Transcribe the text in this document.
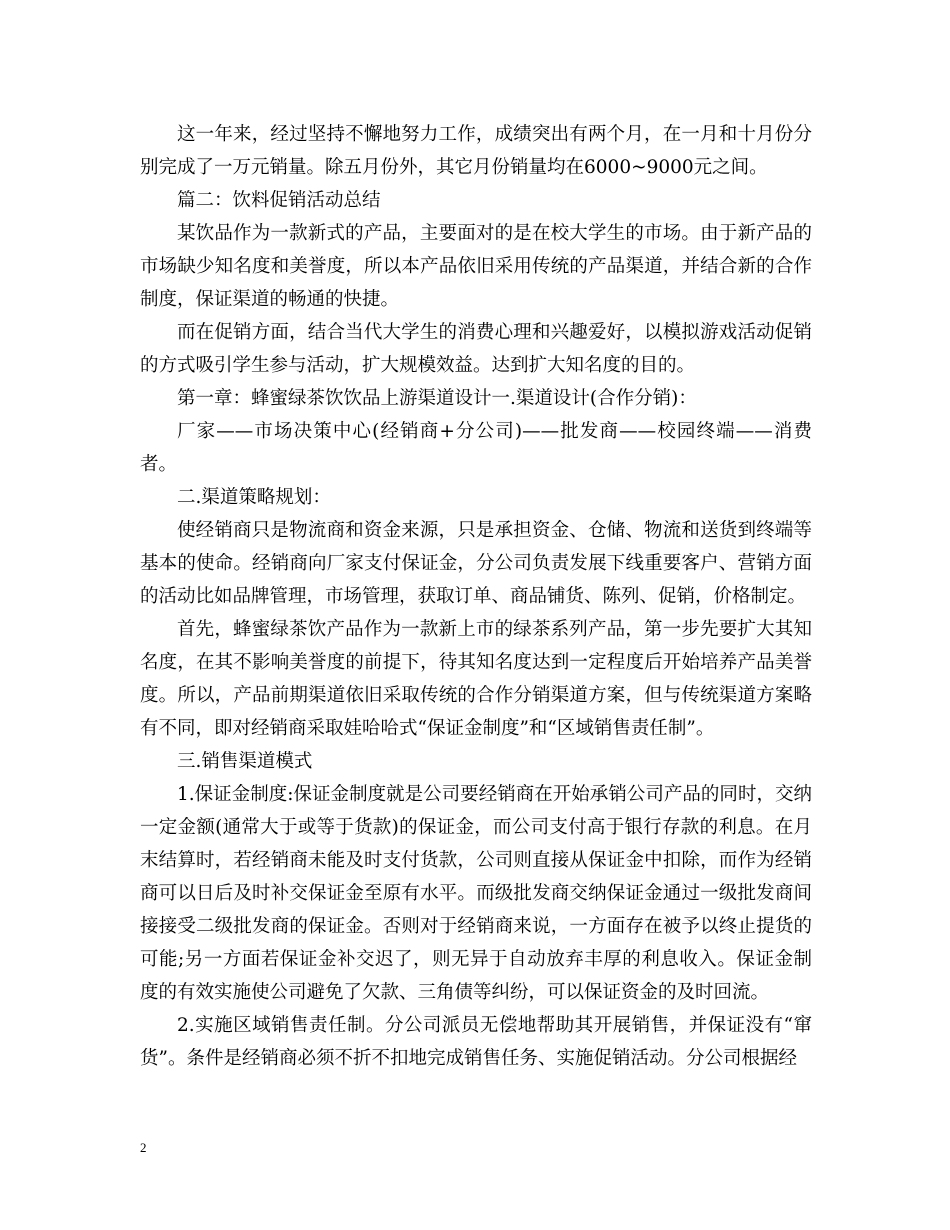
这一年来，经过坚持不懈地努力工作，成绩突出有两个月，在一月和十月份分别完成了一万元销量。除五月份外，其它月份销量均在6000~9000元之间。

篇二：饮料促销活动总结

某饮品作为一款新式的产品，主要面对的是在校大学生的市场。由于新产品的市场缺少知名度和美誉度，所以本产品依旧采用传统的产品渠道，并结合新的合作制度，保证渠道的畅通的快捷。

而在促销方面，结合当代大学生的消费心理和兴趣爱好，以模拟游戏活动促销的方式吸引学生参与活动，扩大规模效益。达到扩大知名度的目的。

第一章：蜂蜜绿茶饮饮品上游渠道设计一.渠道设计(合作分销)：

厂家——市场决策中心(经销商+分公司)——批发商——校园终端——消费者。

二.渠道策略规划：

使经销商只是物流商和资金来源，只是承担资金、仓储、物流和送货到终端等基本的使命。经销商向厂家支付保证金，分公司负责发展下线重要客户、营销方面的活动比如品牌管理，市场管理，获取订单、商品铺货、陈列、促销，价格制定。

首先，蜂蜜绿茶饮产品作为一款新上市的绿茶系列产品，第一步先要扩大其知名度，在其不影响美誉度的前提下，待其知名度达到一定程度后开始培养产品美誉度。所以，产品前期渠道依旧采取传统的合作分销渠道方案，但与传统渠道方案略有不同，即对经销商采取娃哈哈式“保证金制度”和“区域销售责任制”。

三.销售渠道模式

1.保证金制度:保证金制度就是公司要经销商在开始承销公司产品的同时，交纳一定金额(通常大于或等于货款)的保证金，而公司支付高于银行存款的利息。在月末结算时，若经销商未能及时支付货款，公司则直接从保证金中扣除，而作为经销商可以日后及时补交保证金至原有水平。而级批发商交纳保证金通过一级批发商间接接受二级批发商的保证金。否则对于经销商来说，一方面存在被予以终止提货的可能;另一方面若保证金补交迟了，则无异于自动放弃丰厚的利息收入。保证金制度的有效实施使公司避免了欠款、三角债等纠纷，可以保证资金的及时回流。

2.实施区域销售责任制。分公司派员无偿地帮助其开展销售，并保证没有“窜货”。条件是经销商必须不折不扣地完成销售任务、实施促销活动。分公司根据经

2
